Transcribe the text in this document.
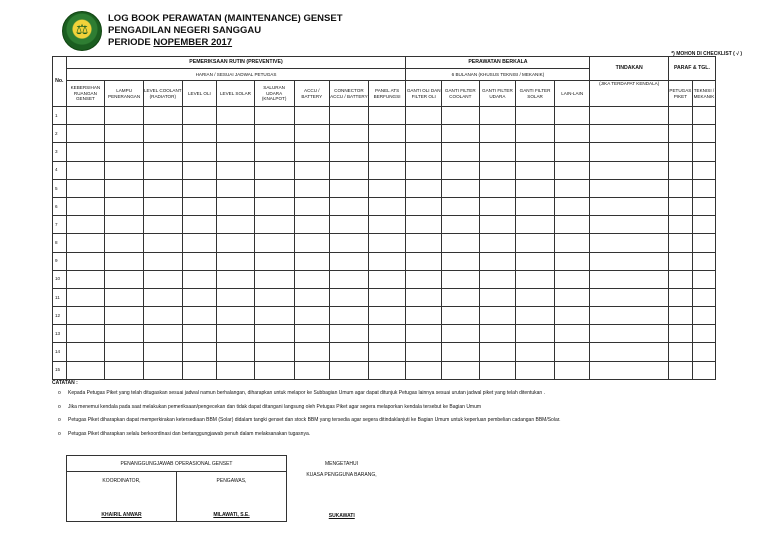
⚖
LOG BOOK PERAWATAN (MAINTENANCE) GENSET
PENGADILAN NEGERI SANGGAU
PERIODE NOPEMBER 2017
*) MOHON DI CHECKLIST ( √ )
No.	PEMERIKSAAN RUTIN (PREVENTIVE)									PERAWATAN BERKALA					TINDAKAN	PARAF & TGL.	
	HARIAN / SESUAI JADWAL PETUGAS									6 BULANAN (KHUSUS TEKNISI / MEKANIK)							
	KEBERSIHAN RUANGAN GENSET	LAMPU PENERANGAN	LEVEL COOLANT (RADIATOR)	LEVEL OLI	LEVEL SOLAR	SALURAN UDARA (KNALPOT)	ACCU / BATTERY	CONNECTOR ACCU / BATTERY	PANEL ATS BERFUNGSI	GANTI OLI DAN FILTER OLI	GANTI FILTER COOLANT	GANTI FILTER UDARA	GANTI FILTER SOLAR	LAIN-LAIN	(JIKA TERDAPAT KENDALA)	PETUGAS PIKET	TEKNISI / MEKANIK
1																	
2																	
3																	
4																	
5																	
6																	
7																	
8																	
9																	
10																	
11																	
12																	
13																	
14																	
15																	
CATATAN :
o Kepada Petugas Piket yang telah ditugaskan sesuai jadwal namun berhalangan, diharapkan untuk melapor ke Subbagian Umum agar dapat ditunjuk Petugas lainnya sesuai urutan jadwal piket yang telah ditentukan .
o Jika menemui kendala pada saat melakukan pemeriksaan/pengecekan dan tidak dapat ditangani langsung oleh Petugas Piket agar segera melaporkan kendala tersebut ke Bagian Umum
o Petugas Piket diharapkan dapat memperkirakan ketersediaan BBM (Solar) didalam tangki genset dan stock BBM yang tersedia agar segera ditindaklanjuti ke Bagian Umum untuk keperluan pembelian cadangan BBM/Solar.
o Petugas Piket diharapkan selalu berkoordinasi dan bertanggungjawab penuh dalam melaksanakan tugasnya.
PENANGGUNGJAWAB OPERASIONAL GENSET		MENGETAHUI
KOORDINATOR,	PENGAWAS,	KUASA PENGGUNA BARANG,
KHAIRIL ANWAR	MILAWATI, S.E.	SUKAWATI
